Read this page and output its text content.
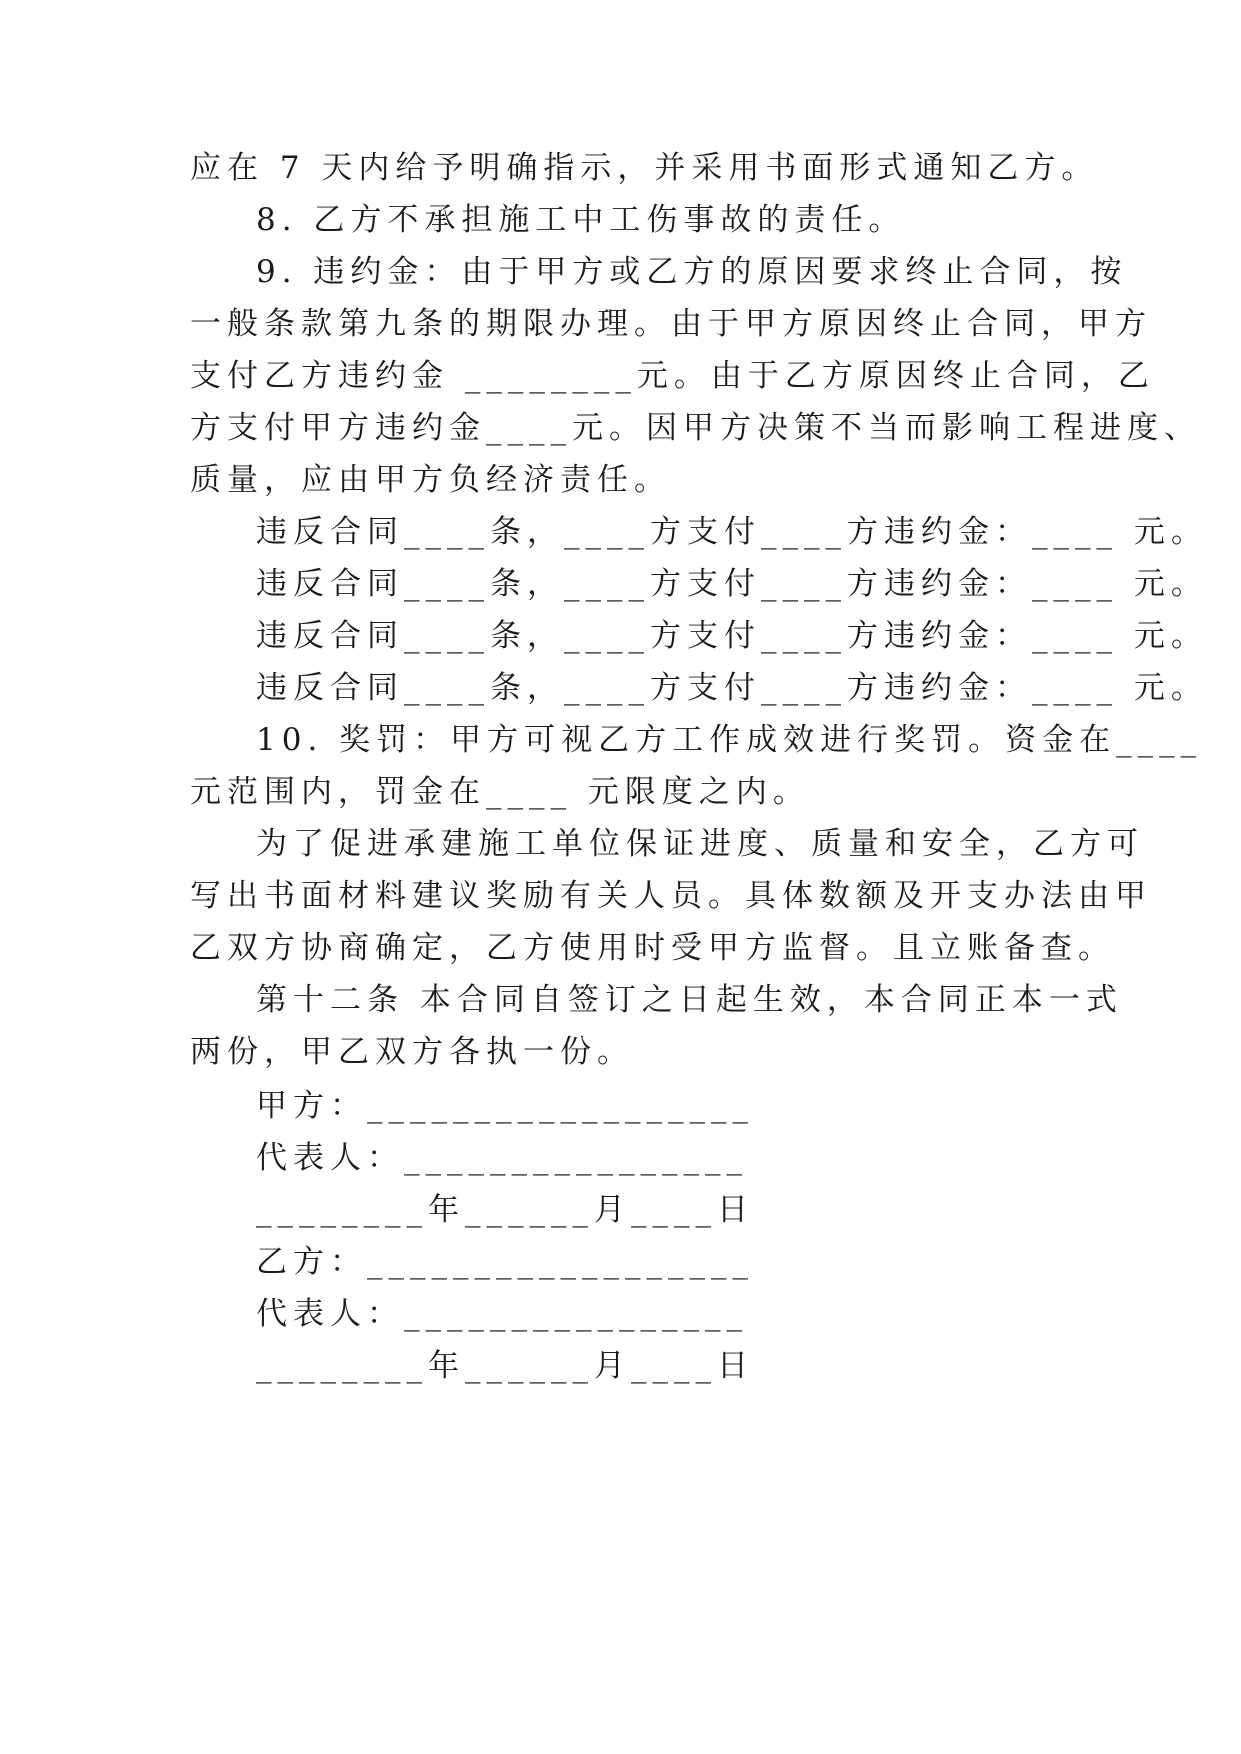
应在 7 天内给予明确指示，并采用书面形式通知乙方。
8. 乙方不承担施工中工伤事故的责任。
9. 违约金：由于甲方或乙方的原因要求终止合同，按
一般条款第九条的期限办理。由于甲方原因终止合同，甲方
支付乙方违约金 ________元。由于乙方原因终止合同，乙
方支付甲方违约金____元。因甲方决策不当而影响工程进度、
质量，应由甲方负经济责任。
违反合同____条，____方支付____方违约金：____ 元。
违反合同____条，____方支付____方违约金：____ 元。
违反合同____条，____方支付____方违约金：____ 元。
违反合同____条，____方支付____方违约金：____ 元。
10. 奖罚：甲方可视乙方工作成效进行奖罚。资金在____
元范围内，罚金在____ 元限度之内。
为了促进承建施工单位保证进度、质量和安全，乙方可
写出书面材料建议奖励有关人员。具体数额及开支办法由甲
乙双方协商确定，乙方使用时受甲方监督。且立账备查。
第十二条 本合同自签订之日起生效，本合同正本一式
两份，甲乙双方各执一份。
甲方：__________________
代表人：________________
________年______月____日
乙方：__________________
代表人：________________
________年______月____日
